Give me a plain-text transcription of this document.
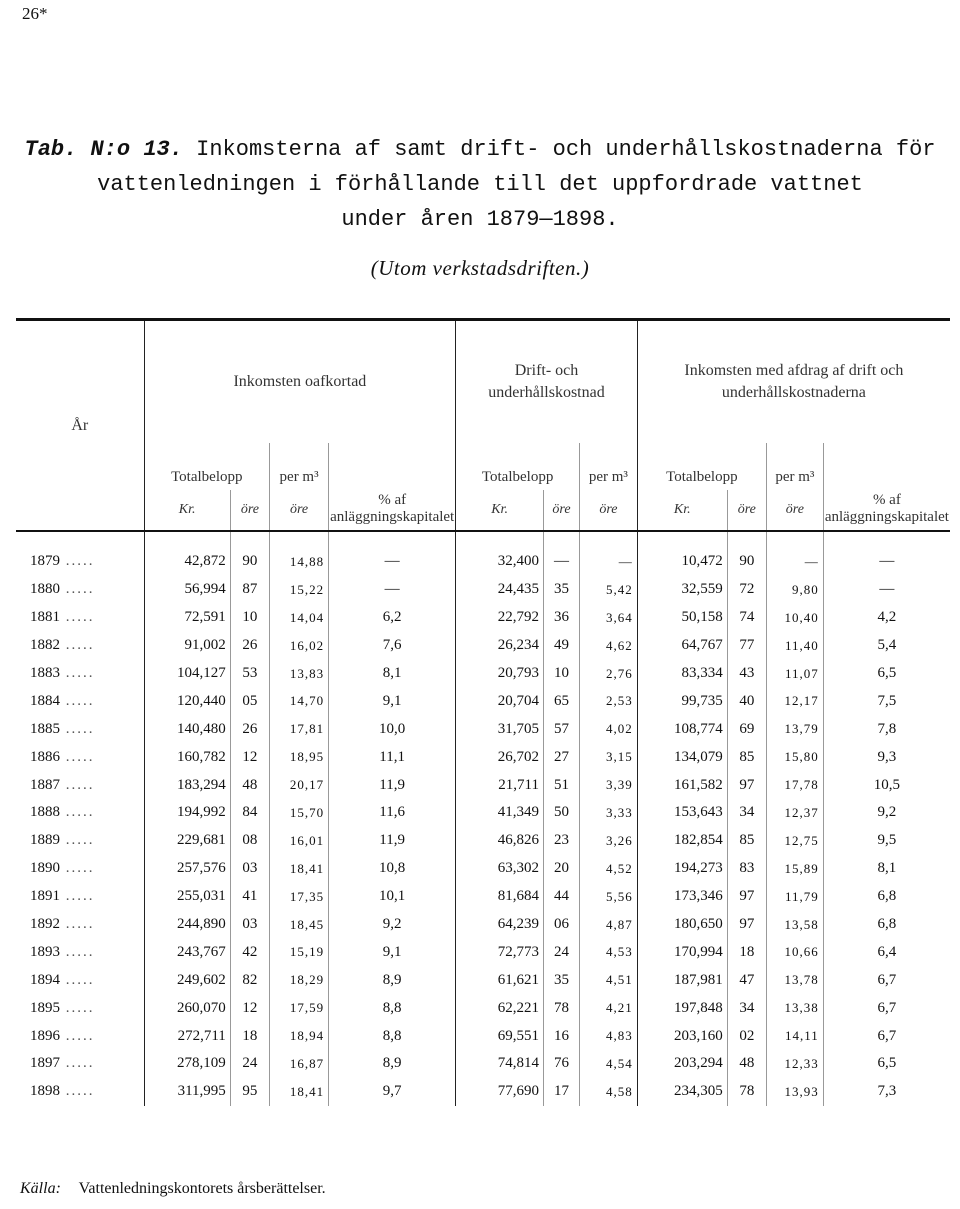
26*
Tab. N:o 13. Inkomsterna af samt drift- och underhållskostnaderna för
vattenledningen i förhållande till det uppfordrade vattnet
under åren 1879—1898.
(Utom verkstadsdriften.)
År	Inkomsten oafkortad				Drift- och underhållskostnad			Inkomsten med afdrag af drift och underhållskostnaderna			
	Totalbelopp		per m³	% af anläggningskapitalet	Totalbelopp		per m³	Totalbelopp		per m³	% af anläggningskapitalet
	Kr.	öre	öre		Kr.	öre	öre	Kr.	öre	öre	
1879 .....	42,872	90	14,88	—	32,400	—	—	10,472	90	—	—
1880 .....	56,994	87	15,22	—	24,435	35	5,42	32,559	72	9,80	—
1881 .....	72,591	10	14,04	6,2	22,792	36	3,64	50,158	74	10,40	4,2
1882 .....	91,002	26	16,02	7,6	26,234	49	4,62	64,767	77	11,40	5,4
1883 .....	104,127	53	13,83	8,1	20,793	10	2,76	83,334	43	11,07	6,5
1884 .....	120,440	05	14,70	9,1	20,704	65	2,53	99,735	40	12,17	7,5
1885 .....	140,480	26	17,81	10,0	31,705	57	4,02	108,774	69	13,79	7,8
1886 .....	160,782	12	18,95	11,1	26,702	27	3,15	134,079	85	15,80	9,3
1887 .....	183,294	48	20,17	11,9	21,711	51	3,39	161,582	97	17,78	10,5
1888 .....	194,992	84	15,70	11,6	41,349	50	3,33	153,643	34	12,37	9,2
1889 .....	229,681	08	16,01	11,9	46,826	23	3,26	182,854	85	12,75	9,5
1890 .....	257,576	03	18,41	10,8	63,302	20	4,52	194,273	83	15,89	8,1
1891 .....	255,031	41	17,35	10,1	81,684	44	5,56	173,346	97	11,79	6,8
1892 .....	244,890	03	18,45	9,2	64,239	06	4,87	180,650	97	13,58	6,8
1893 .....	243,767	42	15,19	9,1	72,773	24	4,53	170,994	18	10,66	6,4
1894 .....	249,602	82	18,29	8,9	61,621	35	4,51	187,981	47	13,78	6,7
1895 .....	260,070	12	17,59	8,8	62,221	78	4,21	197,848	34	13,38	6,7
1896 .....	272,711	18	18,94	8,8	69,551	16	4,83	203,160	02	14,11	6,7
1897 .....	278,109	24	16,87	8,9	74,814	76	4,54	203,294	48	12,33	6,5
1898 .....	311,995	95	18,41	9,7	77,690	17	4,58	234,305	78	13,93	7,3
Källa: Vattenledningskontorets årsberättelser.
